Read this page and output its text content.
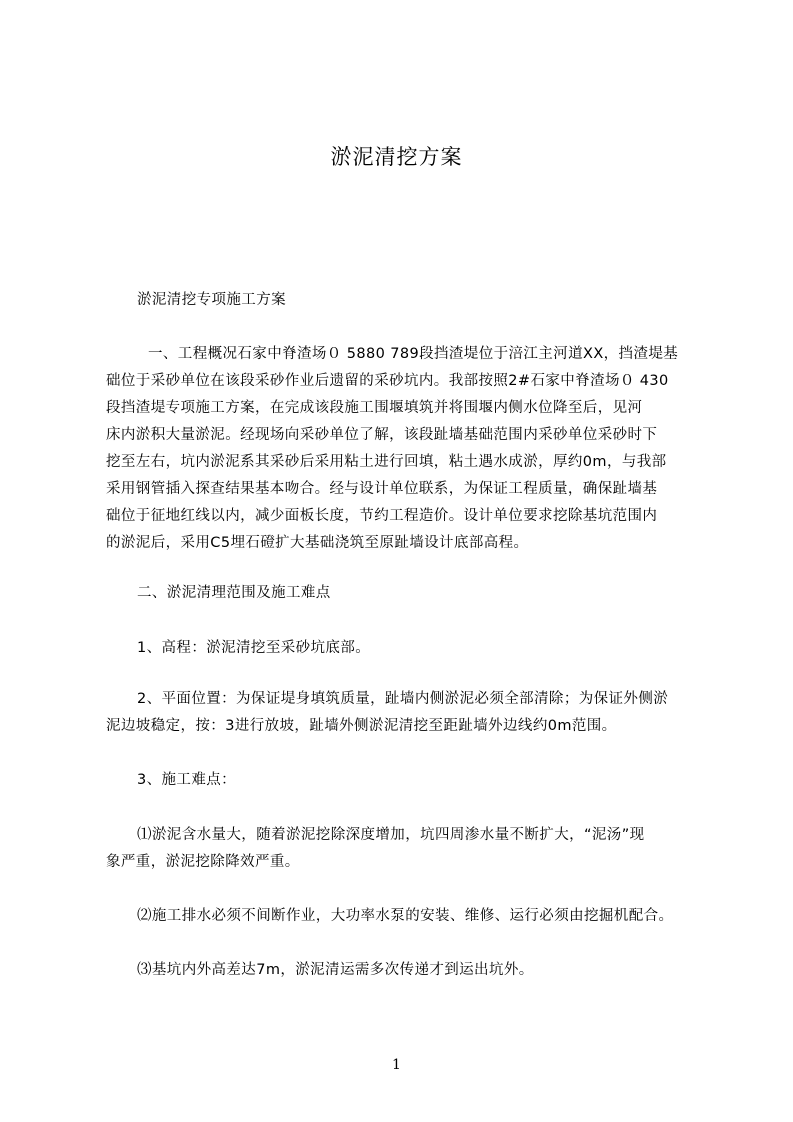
淤泥清挖方案
淤泥清挖专项施工方案
一、工程概况石家中脊渣场０ 5880 789段挡渣堤位于涪江主河道XX，挡渣堤基
础位于采砂单位在该段采砂作业后遗留的采砂坑内。我部按照2#石家中脊渣场０ 430
段挡渣堤专项施工方案，在完成该段施工围堰填筑并将围堰内侧水位降至后，见河
床内淤积大量淤泥。经现场向采砂单位了解，该段趾墙基础范围内采砂单位采砂时下
挖至左右，坑内淤泥系其采砂后采用粘土进行回填，粘土遇水成淤，厚约0m，与我部
采用钢管插入探查结果基本吻合。经与设计单位联系，为保证工程质量，确保趾墙基
础位于征地红线以内，减少面板长度，节约工程造价。设计单位要求挖除基坑范围内
的淤泥后，采用C5埋石磴扩大基础浇筑至原趾墙设计底部高程。
二、淤泥清理范围及施工难点
1、高程：淤泥清挖至采砂坑底部。
2、平面位置：为保证堤身填筑质量，趾墙内侧淤泥必须全部清除；为保证外侧淤
泥边坡稳定，按：3进行放坡，趾墙外侧淤泥清挖至距趾墙外边线约0m范围。
3、施工难点：
⑴淤泥含水量大，随着淤泥挖除深度增加，坑四周渗水量不断扩大，“泥汤”现
象严重，淤泥挖除降效严重。
⑵施工排水必须不间断作业，大功率水泵的安装、维修、运行必须由挖掘机配合。
⑶基坑内外高差达7m，淤泥清运需多次传递才到运出坑外。
1
